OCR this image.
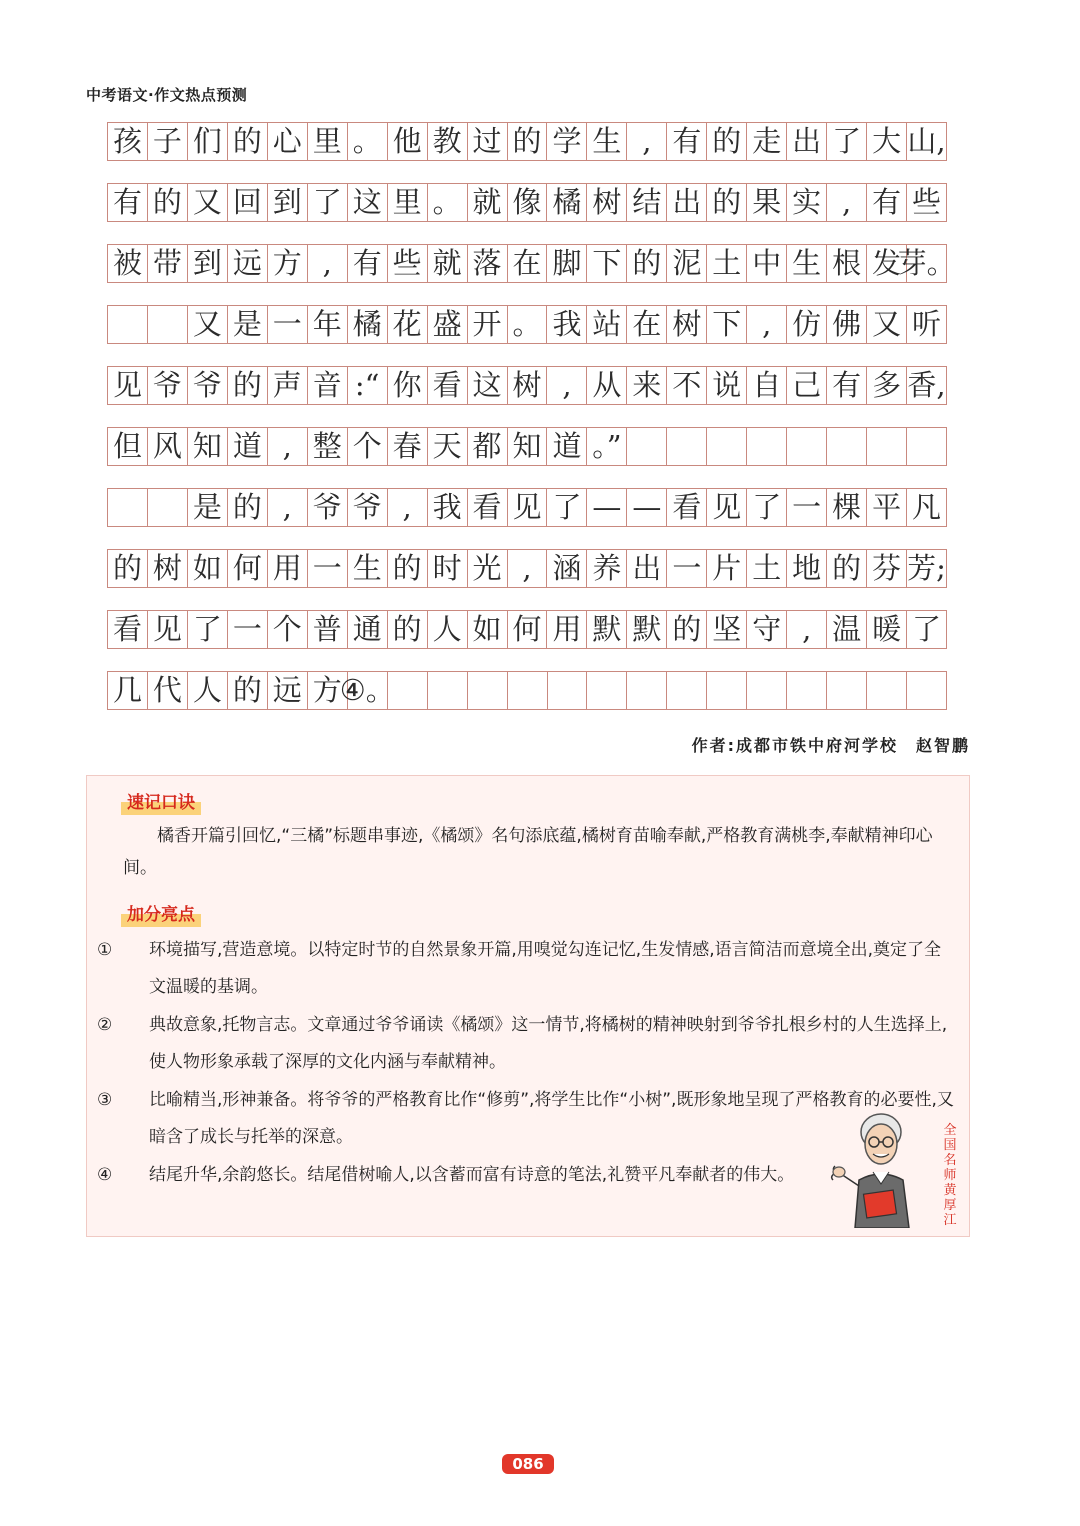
中考语文·作文热点预测
孩 子 们 的 心 里 。 他 教 过 的 学 生 , 有 的 走 出 了 大 山,
有 的 又 回 到 了 这 里 。 就 像 橘 树 结 出 的 果 实 , 有 些
被 带 到 远 方 , 有 些 就 落 在 脚 下 的 泥 土 中 生 根 发
芽。
又 是 一 年 橘 花 盛 开 。 我 站 在 树 下 , 仿 佛 又 听
见 爷 爷 的 声 音 :“ 你 看 这 树 , 从 来 不 说 自 己 有 多 香,
但 风 知 道 , 整 个 春 天 都 知 道 。”
是 的 , 爷 爷 , 我 看 见 了 — — 看 见 了 一 棵 平 凡
的 树 如 何 用 一 生 的 时 光 , 涵 养 出 一 片 土 地 的 芬 芳;
看 见 了 一 个 普 通 的 人 如 何 用 默 默 的 坚 守 , 温 暖 了
几 代 人 的 远 方
④。
作者:成都市铁中府河学校　赵智鹏
速记口诀
橘香开篇引回忆,“三橘”标题串事迹,《橘颂》名句添底蕴,橘树育苗喻奉献,严格教育满桃李,奉献精神印心间。
加分亮点
① 环境描写,营造意境。以特定时节的自然景象开篇,用嗅觉勾连记忆,生发情感,语言简洁而意境全出,奠定了全文温暖的基调。
② 典故意象,托物言志。文章通过爷爷诵读《橘颂》这一情节,将橘树的精神映射到爷爷扎根乡村的人生选择上,使人物形象承载了深厚的文化内涵与奉献精神。
③ 比喻精当,形神兼备。将爷爷的严格教育比作“修剪”,将学生比作“小树”,既形象地呈现了严格教育的必要性,又暗含了成长与托举的深意。
④ 结尾升华,余韵悠长。结尾借树喻人,以含蓄而富有诗意的笔法,礼赞平凡奉献者的伟大。
全国名师黄厚江
086
